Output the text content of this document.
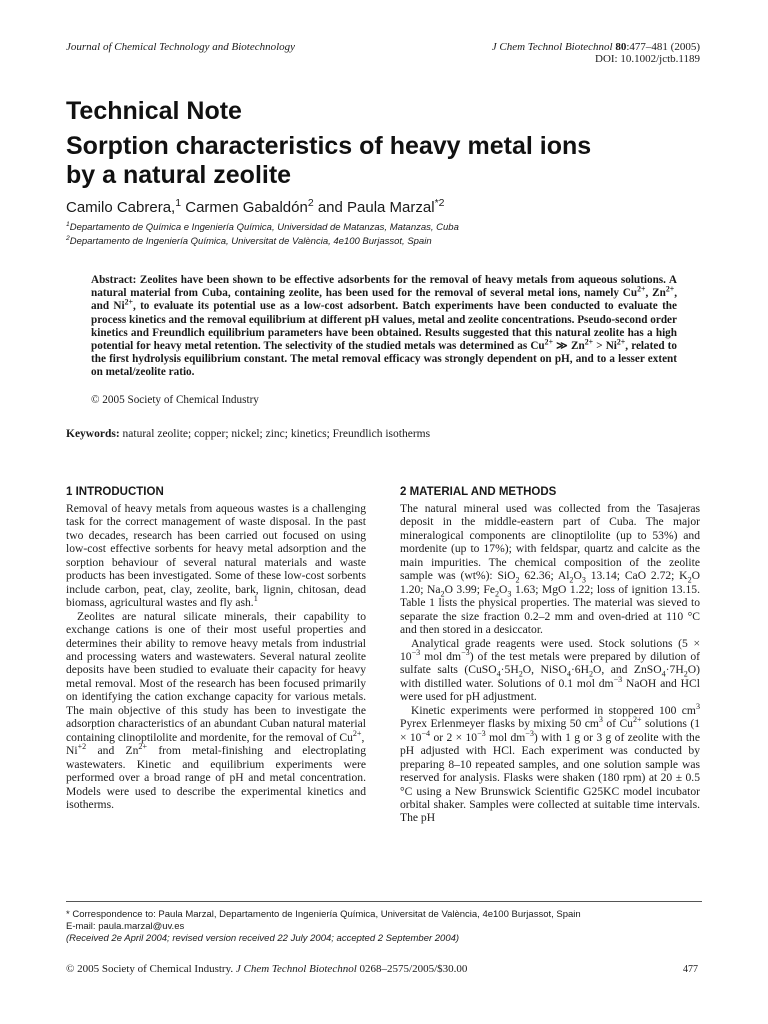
Journal of Chemical Technology and Biotechnology	J Chem Technol Biotechnol 80:477–481 (2005)
DOI: 10.1002/jctb.1189
Technical Note
Sorption characteristics of heavy metal ions
by a natural zeolite
Camilo Cabrera,$^1$ Carmen Gabaldón$^2$ and Paula Marzal$^{*2}$
$^1$Departamento de Química e Ingeniería Química, Universidad de Matanzas, Matanzas, Cuba
$^2$Departamento de Ingeniería Química, Universitat de València, 4e100 Burjassot, Spain
Abstract: Zeolites have been shown to be effective adsorbents for the removal of heavy metals from aqueous solutions. A natural material from Cuba, containing zeolite, has been used for the removal of several metal ions, namely $Cu^{2+}$, $Zn^{2+}$, and $Ni^{2+}$, to evaluate its potential use as a low-cost adsorbent. Batch experiments have been conducted to evaluate the process kinetics and the removal equilibrium at different pH values, metal and zeolite concentrations. Pseudo-second order kinetics and Freundlich equilibrium parameters have been obtained. Results suggested that this natural zeolite has a high potential for heavy metal retention. The selectivity of the studied metals was determined as $Cu^{2+}$ ≫ $Zn^{2+} > Ni^{2+}$, related to the first hydrolysis equilibrium constant. The metal removal efficacy was strongly dependent on pH, and to a lesser extent on metal/zeolite ratio.
© 2005 Society of Chemical Industry
Keywords: natural zeolite; copper; nickel; zinc; kinetics; Freundlich isotherms
1 INTRODUCTION	2 MATERIAL AND METHODS

Removal of heavy metals from aqueous wastes is a challenging task for the correct management of waste disposal. In the past two decades, research has been carried out focused on using low-cost effective sorbents for heavy metal adsorption and the sorption behaviour of several natural materials and waste products has been investigated. Some of these low-cost sorbents include carbon, peat, clay, zeolite, bark, lignin, chitosan, dead biomass, agricultural wastes and fly ash.$^1$

Zeolites are natural silicate minerals, their capability to exchange cations is one of their most useful properties and determines their ability to remove heavy metals from industrial and processing waters and wastewaters. Several natural zeolite deposits have been studied to evaluate their capacity for heavy metal removal. Most of the research has been focused primarily on identifying the cation exchange capacity for various metals. The main objective of this study has been to investigate the adsorption characteristics of an abundant Cuban natural material containing clinoptilolite and mordenite, for the removal of $Cu^{2+}$,
$Ni^{+2}$ and $Zn^{2+}$ from metal-finishing and electroplating wastewaters. Kinetic and equilibrium experiments were performed over a broad range of pH and metal concentration. Models were used to describe the experimental kinetics and isotherms.

The natural mineral used was collected from the Tasajeras deposit in the middle-eastern part of Cuba. The major mineralogical components are clinoptilolite (up to 53%) and mordenite (up to 17%); with feldspar, quartz and calcite as the main impurities. The chemical composition of the zeolite sample was (wt%): SiO$_2$ 62.36; $Al_2O_3$ 13.14; CaO 2.72; $K_2O$ 1.20; $Na_2O$ 3.99; $Fe_2O_3$ 1.63; MgO 1.22; loss of ignition 13.15. Table 1 lists the physical properties. The material was sieved to separate the size fraction 0.2–2 mm and oven-dried at 110 °C and then stored in a desiccator.

Analytical grade reagents were used. Stock solutions ($5 \times 10^{-3}$ mol $dm^{-3}$) of the test metals were prepared by dilution of sulfate salts ($CuSO_4\cdot 5H_2O$, $NiSO_4\cdot 6H_2O$, and $ZnSO_4\cdot 7H_2O$) with distilled water. Solutions of 0.1 mol $dm^{-3}$ NaOH and HCl were used for pH adjustment.

Kinetic experiments were performed in stoppered 100 $cm^3$ Pyrex Erlenmeyer flasks by mixing 50 $cm^3$ of $Cu^{2+}$ solutions ($1 \times 10^{-4}$ or $2 \times 10^{-3}$ mol $dm^{-3}$) with 1 g or 3 g of zeolite with the pH adjusted with HCl. Each experiment was conducted by preparing 8–10 repeated samples, and one solution sample was reserved for analysis. Flasks were shaken (180 rpm) at 20 ± 0.5 °C using a New Brunswick Scientific G25KC model incubator orbital shaker. Samples were collected at suitable time intervals. The pH

* Correspondence to: Paula Marzal, Departamento de Ingeniería Química, Universitat de València, 4e100 Burjassot, Spain
E-mail: paula.marzal@uv.es
(Received 2e April 2004; revised version received 22 July 2004; accepted 2 September 2004)
© 2005 Society of Chemical Industry. J Chem Technol Biotechnol 0268–2575/2005/$30.00	477
